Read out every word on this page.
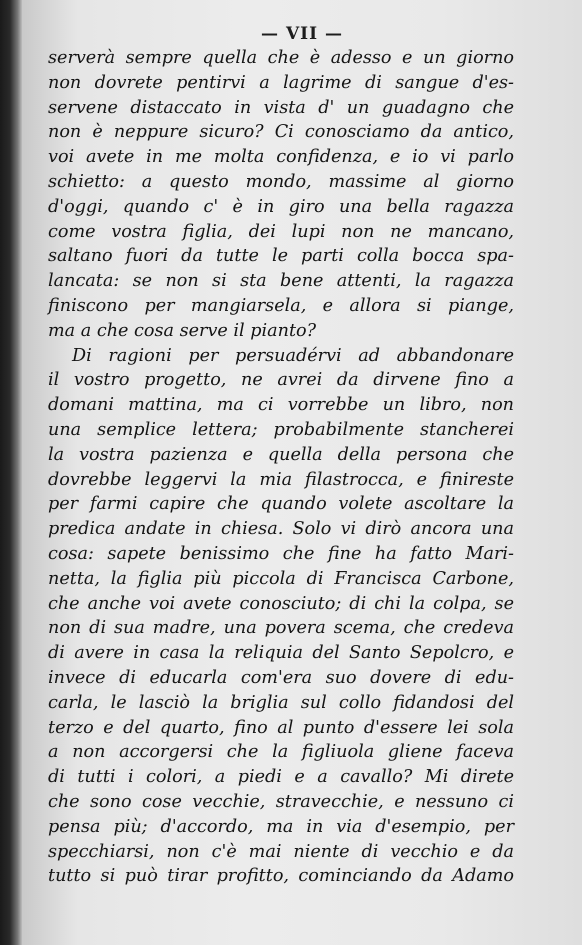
— VII —
serverà sempre quella che è adesso e un giorno
non dovrete pentirvi a lagrime di sangue d'es-
servene distaccato in vista d' un guadagno che
non è neppure sicuro? Ci conosciamo da antico,
voi avete in me molta confidenza, e io vi parlo
schietto: a questo mondo, massime al giorno
d'oggi, quando c' è in giro una bella ragazza
come vostra figlia, dei lupi non ne mancano,
saltano fuori da tutte le parti colla bocca spa-
lancata: se non si sta bene attenti, la ragazza
finiscono per mangiarsela, e allora si piange,
ma a che cosa serve il pianto?
Di ragioni per persuadérvi ad abbandonare
il vostro progetto, ne avrei da dirvene fino a
domani mattina, ma ci vorrebbe un libro, non
una semplice lettera; probabilmente stancherei
la vostra pazienza e quella della persona che
dovrebbe leggervi la mia filastrocca, e finireste
per farmi capire che quando volete ascoltare la
predica andate in chiesa. Solo vi dirò ancora una
cosa: sapete benissimo che fine ha fatto Mari-
netta, la figlia più piccola di Francisca Carbone,
che anche voi avete conosciuto; di chi la colpa, se
non di sua madre, una povera scema, che credeva
di avere in casa la reliquia del Santo Sepolcro, e
invece di educarla com'era suo dovere di edu-
carla, le lasciò la briglia sul collo fidandosi del
terzo e del quarto, fino al punto d'essere lei sola
a non accorgersi che la figliuola gliene faceva
di tutti i colori, a piedi e a cavallo? Mi direte
che sono cose vecchie, stravecchie, e nessuno ci
pensa più; d'accordo, ma in via d'esempio, per
specchiarsi, non c'è mai niente di vecchio e da
tutto si può tirar profitto, cominciando da Adamo
